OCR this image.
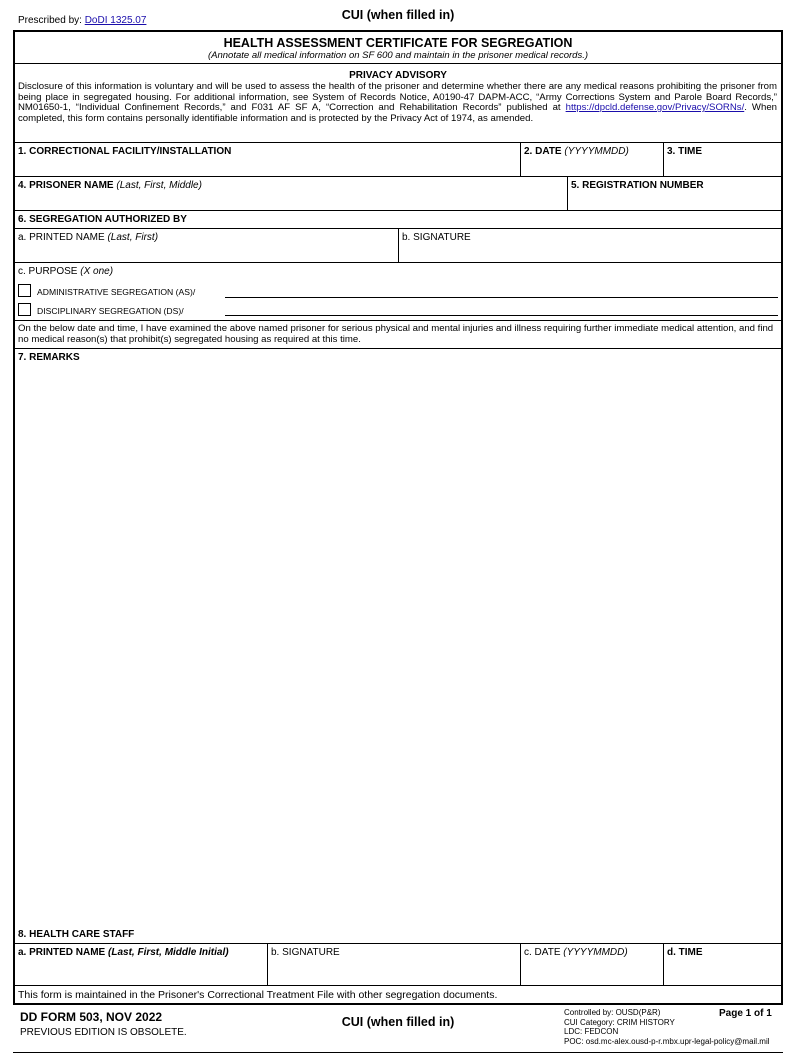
Prescribed by: DoDI 1325.07	CUI (when filled in)
HEALTH ASSESSMENT CERTIFICATE FOR SEGREGATION
(Annotate all medical information on SF 600 and maintain in the prisoner medical records.)
PRIVACY ADVISORY
Disclosure of this information is voluntary and will be used to assess the health of the prisoner and determine whether there are any medical reasons prohibiting the prisoner from being place in segregated housing. For additional information, see System of Records Notice, A0190-47 DAPM-ACC, “Army Corrections System and Parole Board Records,” NM01650-1, “Individual Confinement Records,” and F031 AF SF A, “Correction and Rehabilitation Records” published at https://dpcld.defense.gov/Privacy/SORNs/. When completed, this form contains personally identifiable information and is protected by the Privacy Act of 1974, as amended.
1. CORRECTIONAL FACILITY/INSTALLATION	2. DATE (YYYYMMDD)	3. TIME
4. PRISONER NAME (Last, First, Middle)	5. REGISTRATION NUMBER
6. SEGREGATION AUTHORIZED BY
a. PRINTED NAME (Last, First)	b. SIGNATURE
c. PURPOSE (X one)
ADMINISTRATIVE SEGREGATION (AS)/
DISCIPLINARY SEGREGATION (DS)/
On the below date and time, I have examined the above named prisoner for serious physical and mental injuries and illness requiring further immediate medical attention, and find no medical reason(s) that prohibit(s) segregated housing as required at this time.
7. REMARKS
8. HEALTH CARE STAFF
a. PRINTED NAME (Last, First, Middle Initial)	b. SIGNATURE	c. DATE (YYYYMMDD)	d. TIME
This form is maintained in the Prisoner's Correctional Treatment File with other segregation documents.
DD FORM 503, NOV 2022
PREVIOUS EDITION IS OBSOLETE.
CUI (when filled in)
Controlled by: OUSD(P&R)
CUI Category: CRIM HISTORY
LDC: FEDCON
POC: osd.mc-alex.ousd-p-r.mbx.upr-legal-policy@mail.mil
Page 1 of 1
